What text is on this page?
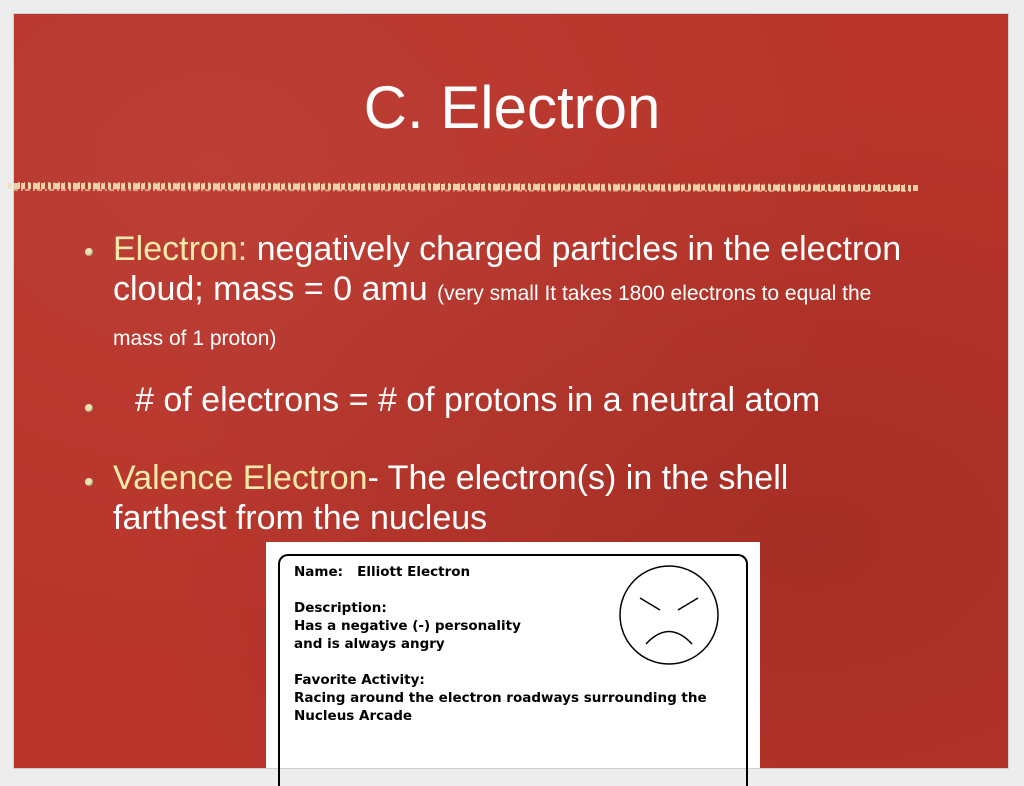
C. Electron
Electron: negatively charged particles in the electron cloud; mass = 0 amu (very small It takes 1800 electrons to equal the mass of 1 proton)
# of electrons = # of protons in a neutral atom
Valence Electron- The electron(s) in the shell farthest from the nucleus
Name: Elliott Electron
Description:
Has a negative (-) personality
and is always angry
Favorite Activity:
Racing around the electron roadways surrounding the
Nucleus Arcade
